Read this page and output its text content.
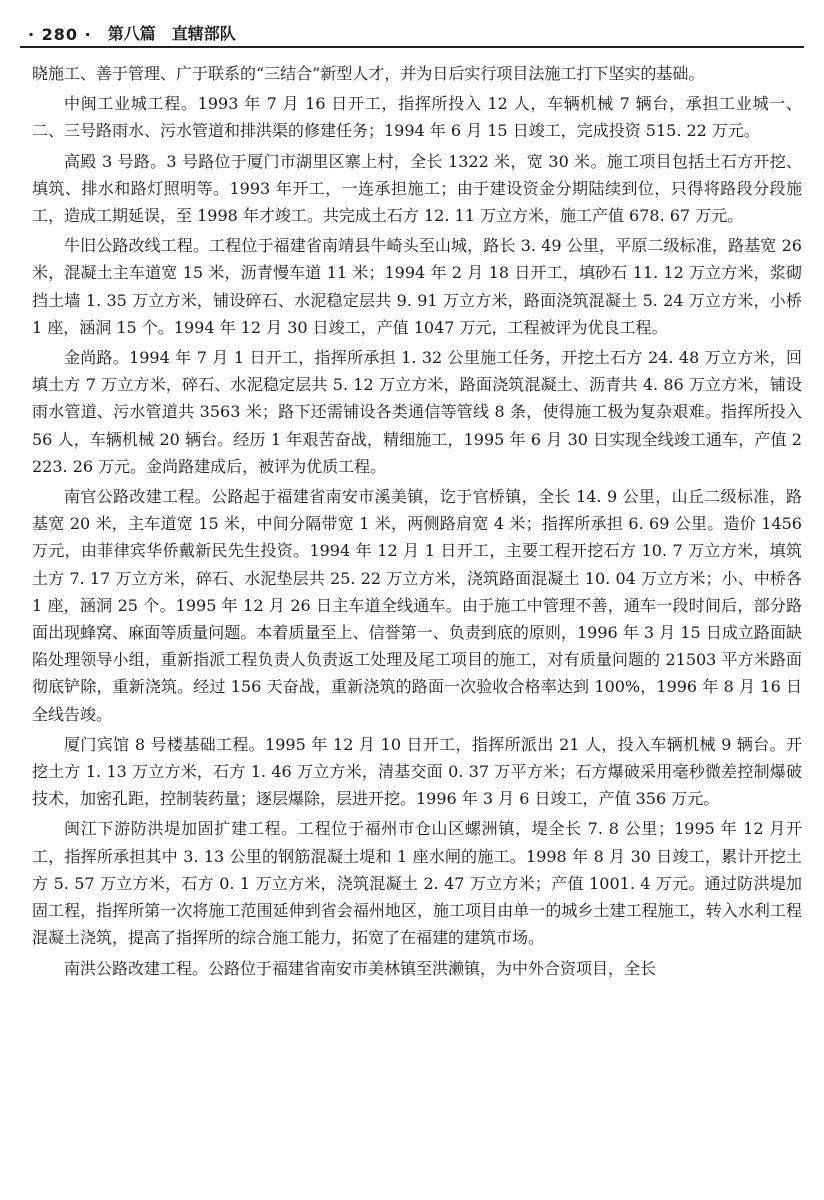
· 280 · 第八篇 直辖部队

晓施工、善于管理、广于联系的“三结合”新型人才，并为日后实行项目法施工打下坚实的基础。

中闽工业城工程。1993 年 7 月 16 日开工，指挥所投入 12 人，车辆机械 7 辆台，承担工业城一、二、三号路雨水、污水管道和排洪渠的修建任务；1994 年 6 月 15 日竣工，完成投资 515. 22 万元。

高殿 3 号路。3 号路位于厦门市湖里区寨上村，全长 1322 米，宽 30 米。施工项目包括土石方开挖、填筑、排水和路灯照明等。1993 年开工，一连承担施工；由于建设资金分期陆续到位，只得将路段分段施工，造成工期延误，至 1998 年才竣工。共完成土石方 12. 11 万立方米，施工产值 678. 67 万元。

牛旧公路改线工程。工程位于福建省南靖县牛崎头至山城，路长 3. 49 公里，平原二级标准，路基宽 26 米，混凝土主车道宽 15 米，沥青慢车道 11 米；1994 年 2 月 18 日开工，填砂石 11. 12 万立方米，浆砌挡土墙 1. 35 万立方米，铺设碎石、水泥稳定层共 9. 91 万立方米，路面浇筑混凝土 5. 24 万立方米，小桥 1 座，涵洞 15 个。1994 年 12 月 30 日竣工，产值 1047 万元，工程被评为优良工程。

金尚路。1994 年 7 月 1 日开工，指挥所承担 1. 32 公里施工任务，开挖土石方 24. 48 万立方米，回填土方 7 万立方米，碎石、水泥稳定层共 5. 12 万立方米，路面浇筑混凝土、沥青共 4. 86 万立方米，铺设雨水管道、污水管道共 3563 米；路下还需铺设各类通信等管线 8 条，使得施工极为复杂艰难。指挥所投入 56 人，车辆机械 20 辆台。经历 1 年艰苦奋战，精细施工，1995 年 6 月 30 日实现全线竣工通车，产值 2223. 26 万元。金尚路建成后，被评为优质工程。

南官公路改建工程。公路起于福建省南安市溪美镇，讫于官桥镇，全长 14. 9 公里，山丘二级标准，路基宽 20 米，主车道宽 15 米，中间分隔带宽 1 米，两侧路肩宽 4 米；指挥所承担 6. 69 公里。造价 1456 万元，由菲律宾华侨戴新民先生投资。1994 年 12 月 1 日开工，主要工程开挖石方 10. 7 万立方米，填筑土方 7. 17 万立方米，碎石、水泥垫层共 25. 22 万立方米，浇筑路面混凝土 10. 04 万立方米；小、中桥各 1 座，涵洞 25 个。1995 年 12 月 26 日主车道全线通车。由于施工中管理不善，通车一段时间后，部分路面出现蜂窝、麻面等质量问题。本着质量至上、信誉第一、负责到底的原则，1996 年 3 月 15 日成立路面缺陷处理领导小组，重新指派工程负责人负责返工处理及尾工项目的施工，对有质量问题的 21503 平方米路面彻底铲除，重新浇筑。经过 156 天奋战，重新浇筑的路面一次验收合格率达到 100%，1996 年 8 月 16 日全线告竣。

厦门宾馆 8 号楼基础工程。1995 年 12 月 10 日开工，指挥所派出 21 人，投入车辆机械 9 辆台。开挖土方 1. 13 万立方米，石方 1. 46 万立方米，清基交面 0. 37 万平方米；石方爆破采用毫秒微差控制爆破技术，加密孔距，控制装药量；逐层爆除，层进开挖。1996 年 3 月 6 日竣工，产值 356 万元。

闽江下游防洪堤加固扩建工程。工程位于福州市仓山区螺洲镇，堤全长 7. 8 公里；1995 年 12 月开工，指挥所承担其中 3. 13 公里的钢筋混凝土堤和 1 座水闸的施工。1998 年 8 月 30 日竣工，累计开挖土方 5. 57 万立方米，石方 0. 1 万立方米，浇筑混凝土 2. 47 万立方米；产值 1001. 4 万元。通过防洪堤加固工程，指挥所第一次将施工范围延伸到省会福州地区，施工项目由单一的城乡土建工程施工，转入水利工程混凝土浇筑，提高了指挥所的综合施工能力，拓宽了在福建的建筑市场。

南洪公路改建工程。公路位于福建省南安市美林镇至洪濑镇，为中外合资项目，全长
